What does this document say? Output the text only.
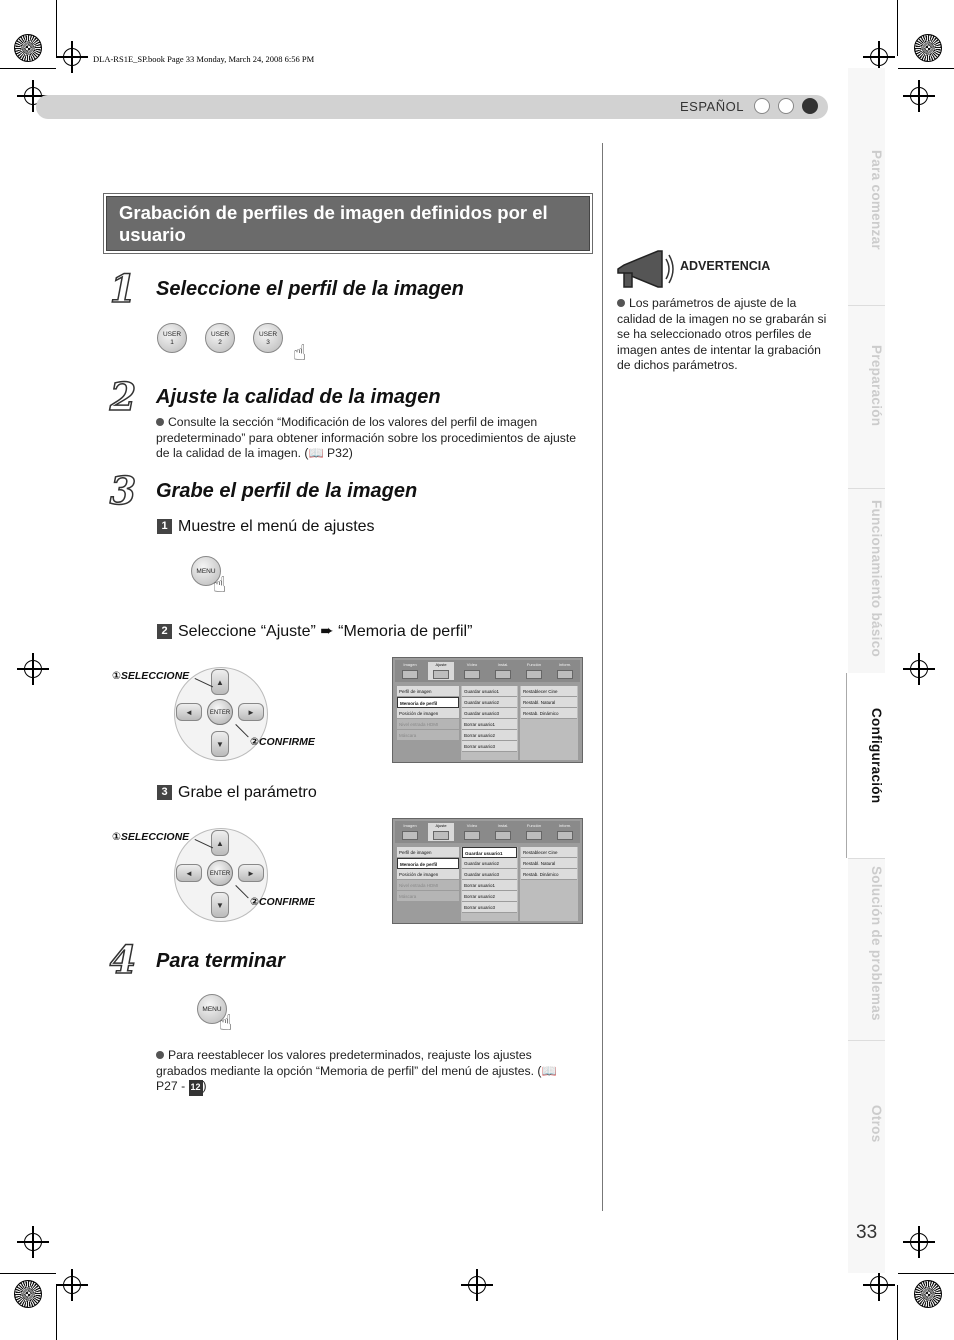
DLA-RS1E_SP.book Page 33 Monday, March 24, 2008 6:56 PM
ESPAÑOL
Para comenzar
Preparación
Funcionamiento básico
Configuración
Solución de problemas
Otros
33
Grabación de perfiles de imagen definidos por el usuario
1 Seleccione el perfil de la imagen
USER
1
USER
2
USER
3	☝
2 Ajuste la calidad de la imagen
Consulte la sección “Modificación de los valores del perfil de imagen predeterminado” para obtener información sobre los procedimientos de ajuste de la calidad de la imagen. (📖 P32)
3 Grabe el perfil de la imagen
1 Muestre el menú de ajustes
MENU
☝
2 Seleccione “Ajuste” ➨ “Memoria de perfil”
▲
▼
◄	►
ENTER
①SELECCIONE
②CONFIRME
Imagen	Ajuste	Vídeo	Instal.	Función	Inform.
Perfil de imagen
Memoria de perfil
Posición de imagen
Nivel entrada HDMI
Máscara
Guardar usuario1
Guardar usuario2
Guardar usuario3
Borrar usuario1
Borrar usuario2
Borrar usuario3
Restablecer Cine
Restabl. Natural
Restab. Dinámico
3 Grabe el parámetro
▲
▼
◄	►
ENTER
①SELECCIONE
②CONFIRME
Imagen	Ajuste	Vídeo	Instal.	Función	Inform.
Perfil de imagen
Memoria de perfil
Posición de imagen
Nivel entrada HDMI
Máscara
Guardar usuario1
Guardar usuario2
Guardar usuario3
Borrar usuario1
Borrar usuario2
Borrar usuario3
Restablecer Cine
Restabl. Natural
Restab. Dinámico
4 Para terminar
MENU
☝
Para reestablecer los valores predeterminados, reajuste los ajustes grabados mediante la opción “Memoria de perfil” del menú de ajustes. (📖 P27 - 12 )
ADVERTENCIA
Los parámetros de ajuste de la calidad de la imagen no se grabarán si se ha seleccionado otros perfiles de imagen antes de intentar la grabación de dichos parámetros.
